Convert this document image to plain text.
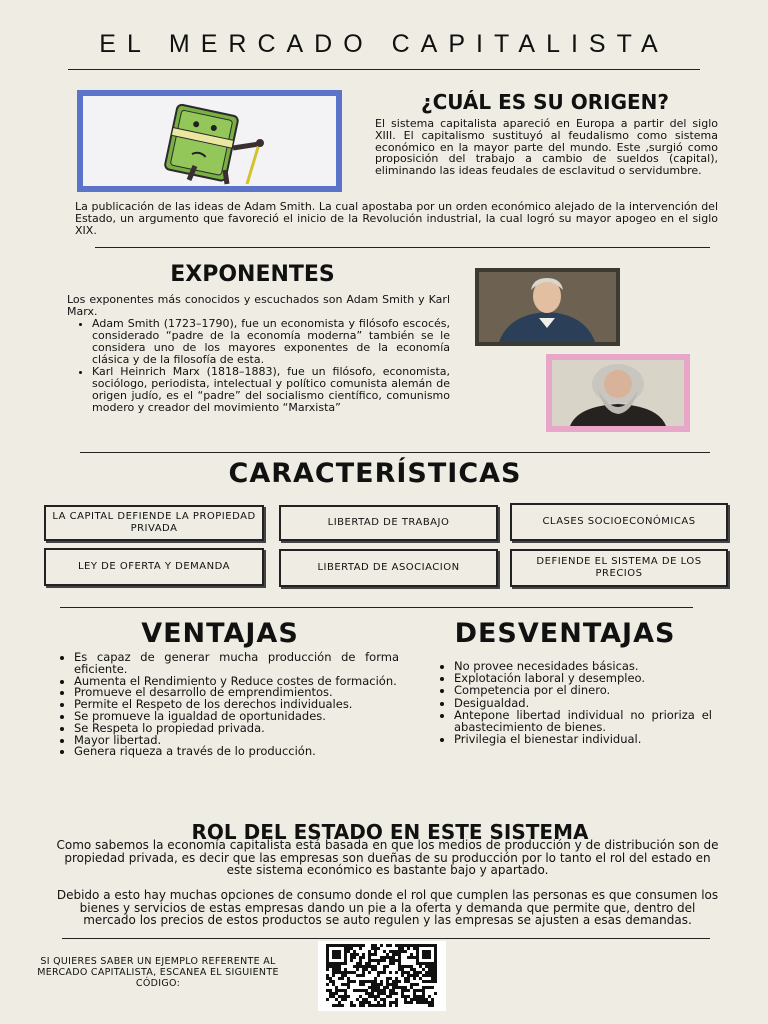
EL MERCADO CAPITALISTA
¿CUÁL ES SU ORIGEN?
El sistema capitalista apareció en Europa a partir del siglo XIII. El capitalismo sustituyó al feudalismo como sistema económico en la mayor parte del mundo. Este ,surgió como proposición del trabajo a cambio de sueldos (capital), eliminando las ideas feudales de esclavitud o servidumbre.
La publicación de las ideas de Adam Smith. La cual apostaba por un orden económico alejado de la intervención del Estado, un argumento que favoreció el inicio de la Revolución industrial, la cual logró su mayor apogeo en el siglo XIX.
EXPONENTES
Los exponentes más conocidos y escuchados son Adam Smith y Karl Marx.
• Adam Smith (1723–1790), fue un economista y filósofo escocés, considerado “padre de la economía moderna” también se le considera uno de los mayores exponentes de la economía clásica y de la filosofía de esta.
• Karl Heinrich Marx (1818–1883), fue un filósofo, economista, sociólogo, periodista, intelectual y político comunista alemán de origen judío, es el “padre” del socialismo científico, comunismo modero y creador del movimiento “Marxista”
CARACTERÍSTICAS
LA CAPITAL DEFIENDE LA PROPIEDAD PRIVADA
LIBERTAD DE TRABAJO	CLASES SOCIOECONÓMICAS
LEY DE OFERTA Y DEMANDA	LIBERTAD DE ASOCIACION
DEFIENDE EL SISTEMA DE LOS PRECIOS
VENTAJAS
• Es capaz de generar mucha producción de forma eficiente.
• Aumenta el Rendimiento y Reduce costes de formación.
• Promueve el desarrollo de emprendimientos.
• Permite el Respeto de los derechos individuales.
• Se promueve la igualdad de oportunidades.
• Se Respeta lo propiedad privada.
• Mayor libertad.
• Genera riqueza a través de lo producción.
DESVENTAJAS
• No provee necesidades básicas.
• Explotación laboral y desempleo.
• Competencia por el dinero.
• Desigualdad.
• Antepone libertad individual no prioriza el abastecimiento de bienes.
• Privilegia el bienestar individual.
ROL DEL ESTADO EN ESTE SISTEMA
Como sabemos la economía capitalista está basada en que los medios de producción y de distribución son de propiedad privada, es decir que las empresas son dueñas de su producción por lo tanto el rol del estado en este sistema económico es bastante bajo y apartado.
Debido a esto hay muchas opciones de consumo donde el rol que cumplen las personas es que consumen los bienes y servicios de estas empresas dando un pie a la oferta y demanda que permite que, dentro del mercado los precios de estos productos se auto regulen y las empresas se ajusten a esas demandas.
SI QUIERES SABER UN EJEMPLO REFERENTE AL MERCADO CAPITALISTA, ESCANEA EL SIGUIENTE CÓDIGO:
